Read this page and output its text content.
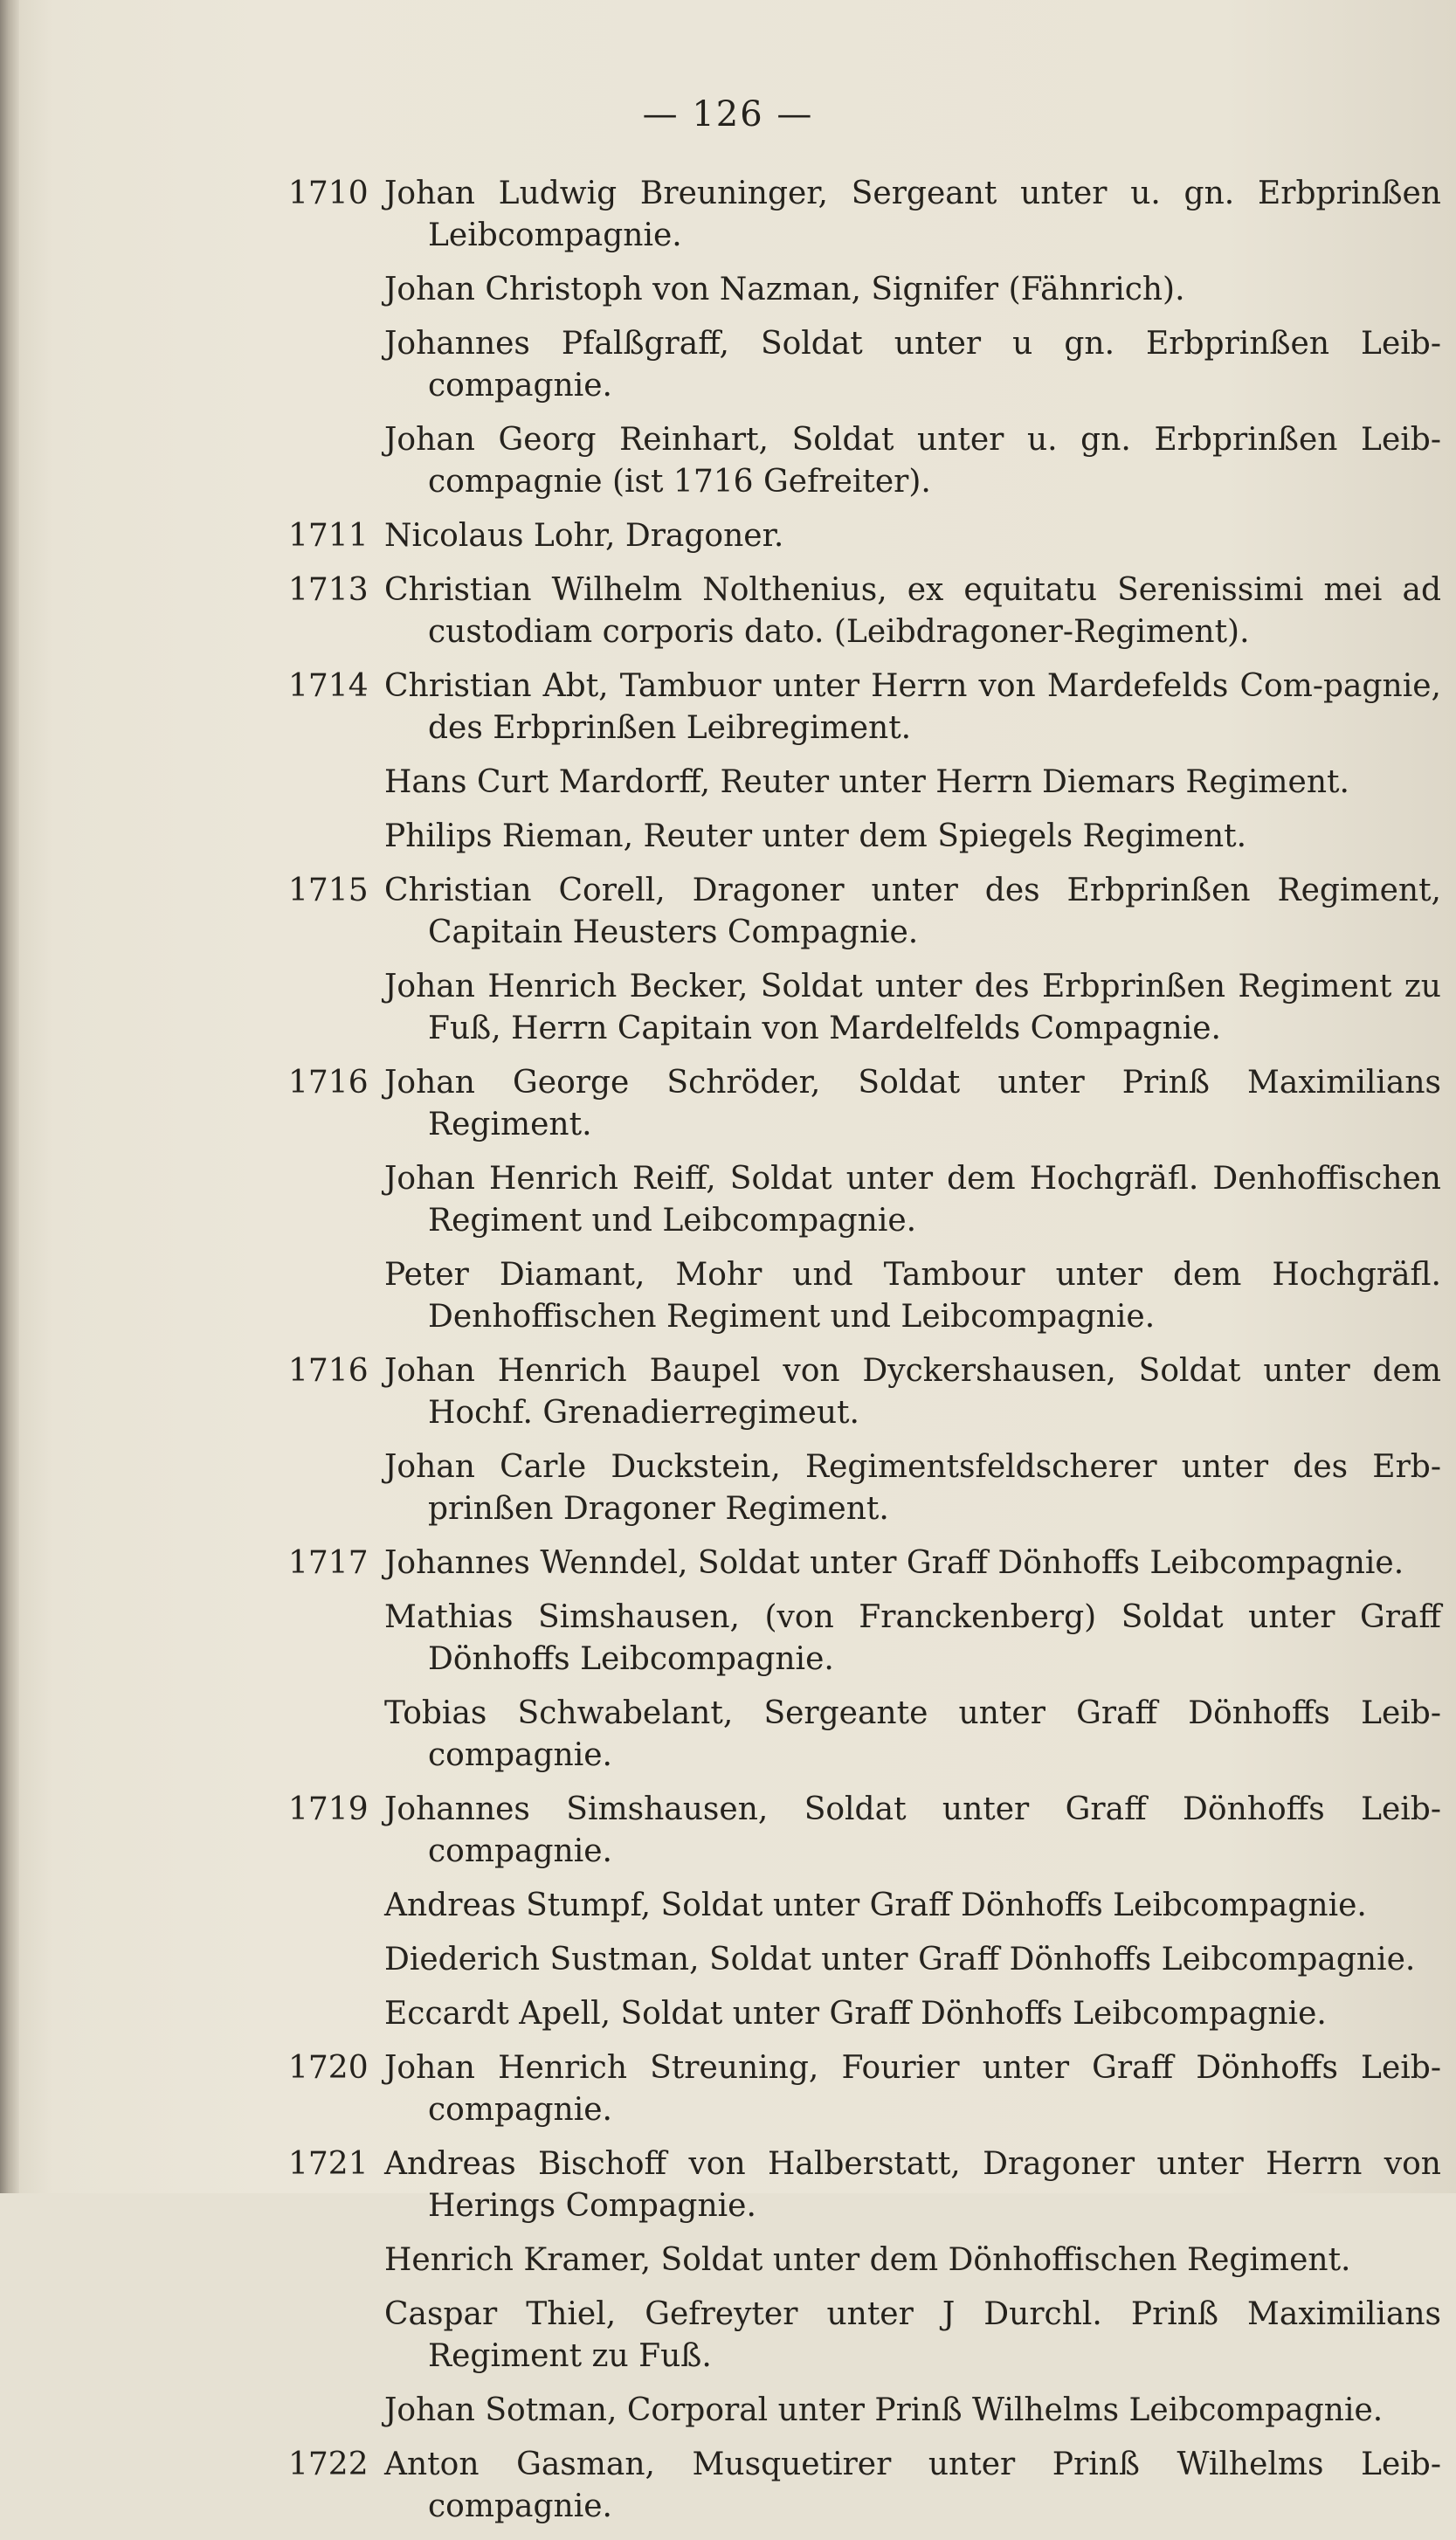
— 126 —
1710 Johan Ludwig Breuninger, Sergeant unter u. gn. Erbprinßen Leibcompagnie.
Johan Christoph von Nazman, Signifer (Fähnrich).
Johannes Pfalßgraff, Soldat unter u gn. Erbprinßen Leib-compagnie.
Johan Georg Reinhart, Soldat unter u. gn. Erbprinßen Leib-compagnie (ist 1716 Gefreiter).
1711 Nicolaus Lohr, Dragoner.
1713 Christian Wilhelm Nolthenius, ex equitatu Serenissimi mei ad custodiam corporis dato. (Leibdragoner-Regiment).
1714 Christian Abt, Tambuor unter Herrn von Mardefelds Com-pagnie, des Erbprinßen Leibregiment.
Hans Curt Mardorff, Reuter unter Herrn Diemars Regiment.
Philips Rieman, Reuter unter dem Spiegels Regiment.
1715 Christian Corell, Dragoner unter des Erbprinßen Regiment, Capitain Heusters Compagnie.
Johan Henrich Becker, Soldat unter des Erbprinßen Regiment zu Fuß, Herrn Capitain von Mardelfelds Compagnie.
1716 Johan George Schröder, Soldat unter Prinß Maximilians Regiment.
Johan Henrich Reiff, Soldat unter dem Hochgräfl. Denhoffischen Regiment und Leibcompagnie.
Peter Diamant, Mohr und Tambour unter dem Hochgräfl. Denhoffischen Regiment und Leibcompagnie.
1716 Johan Henrich Baupel von Dyckershausen, Soldat unter dem Hochf. Grenadierregimeut.
Johan Carle Duckstein, Regimentsfeldscherer unter des Erb-prinßen Dragoner Regiment.
1717 Johannes Wenndel, Soldat unter Graff Dönhoffs Leibcompagnie.
Mathias Simshausen, (von Franckenberg) Soldat unter Graff Dönhoffs Leibcompagnie.
Tobias Schwabelant, Sergeante unter Graff Dönhoffs Leib-compagnie.
1719 Johannes Simshausen, Soldat unter Graff Dönhoffs Leib-compagnie.
Andreas Stumpf, Soldat unter Graff Dönhoffs Leibcompagnie.
Diederich Sustman, Soldat unter Graff Dönhoffs Leibcompagnie.
Eccardt Apell, Soldat unter Graff Dönhoffs Leibcompagnie.
1720 Johan Henrich Streuning, Fourier unter Graff Dönhoffs Leib-compagnie.
1721 Andreas Bischoff von Halberstatt, Dragoner unter Herrn von Herings Compagnie.
Henrich Kramer, Soldat unter dem Dönhoffischen Regiment.
Caspar Thiel, Gefreyter unter J Durchl. Prinß Maximilians Regiment zu Fuß.
Johan Sotman, Corporal unter Prinß Wilhelms Leibcompagnie.
1722 Anton Gasman, Musquetirer unter Prinß Wilhelms Leib-compagnie.
